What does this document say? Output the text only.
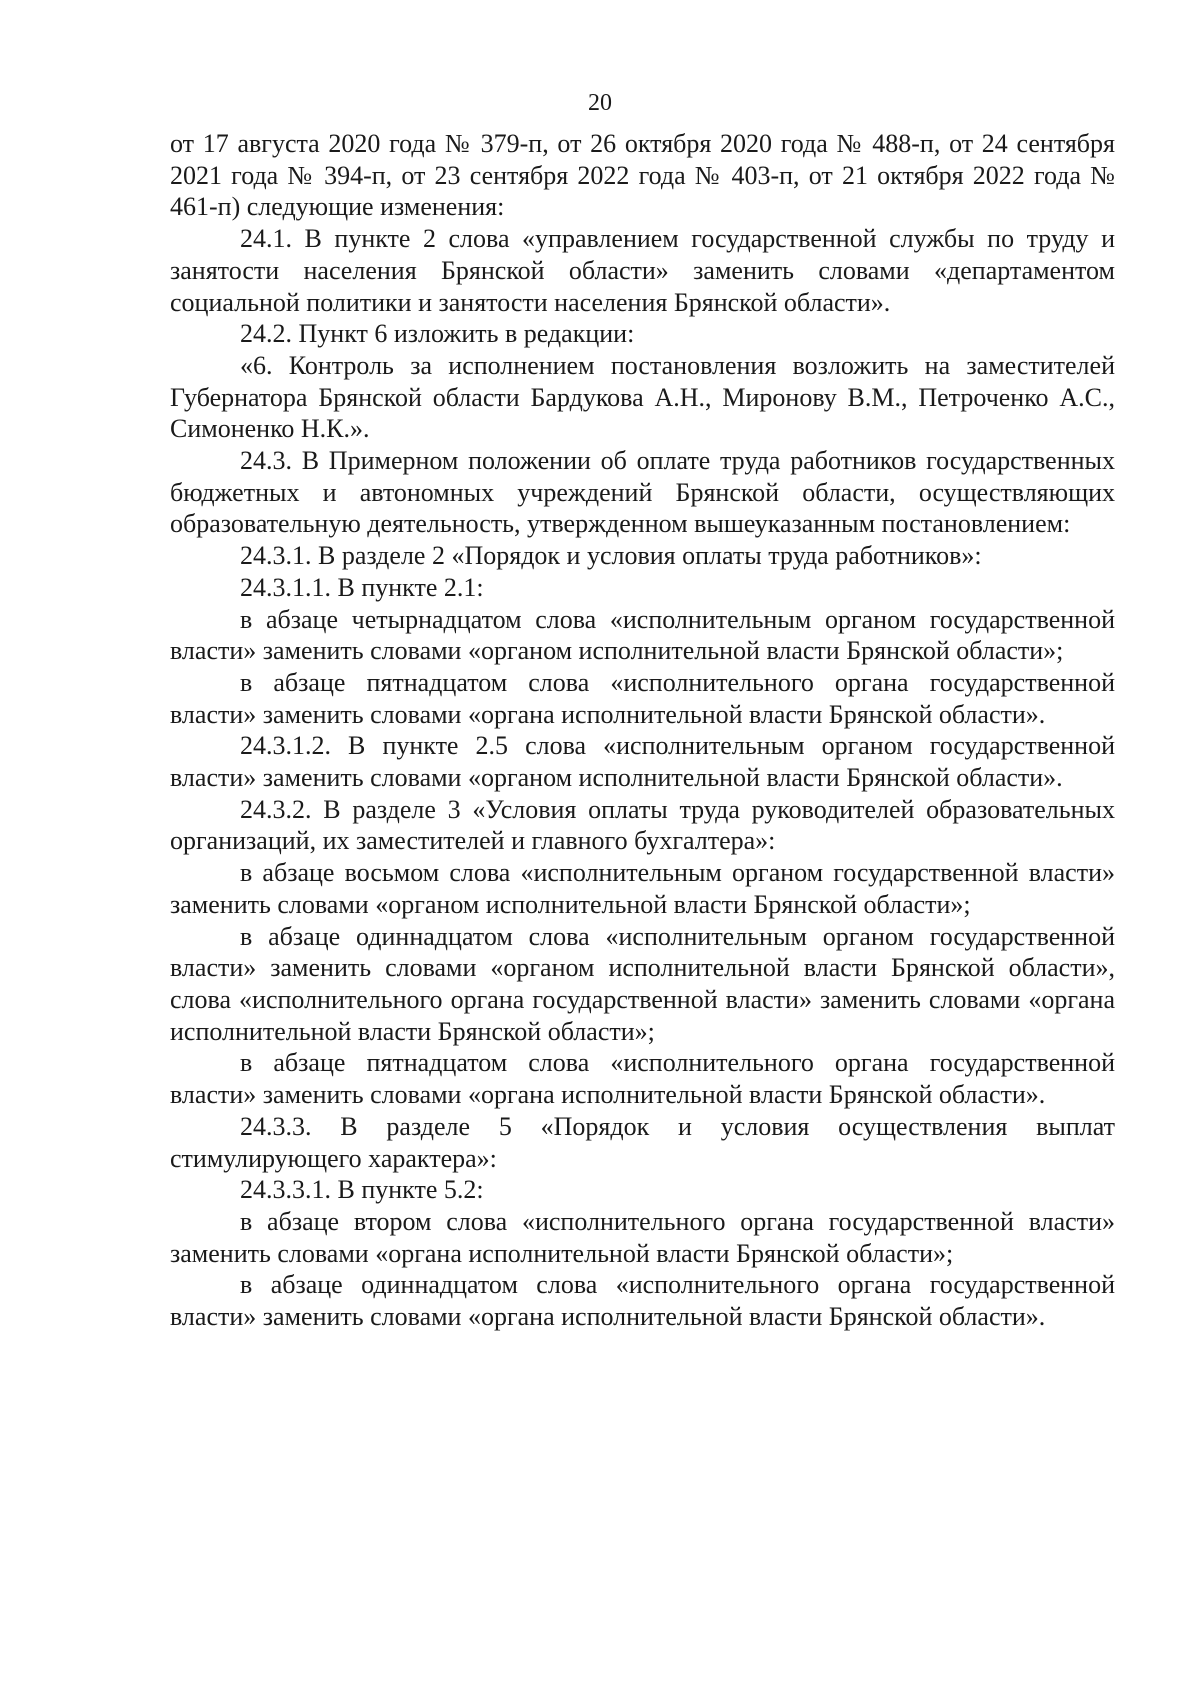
20

от 17 августа 2020 года № 379-п, от 26 октября 2020 года № 488-п, от 24 сентября 2021 года № 394-п, от 23 сентября 2022 года № 403-п, от 21 октября 2022 года № 461-п) следующие изменения:

24.1. В пункте 2 слова «управлением государственной службы по труду и занятости населения Брянской области» заменить словами «департаментом социальной политики и занятости населения Брянской области».

24.2. Пункт 6 изложить в редакции:

«6. Контроль за исполнением постановления возложить на заместителей Губернатора Брянской области Бардукова А.Н., Миронову В.М., Петроченко А.С., Симоненко Н.К.».

24.3. В Примерном положении об оплате труда работников государственных бюджетных и автономных учреждений Брянской области, осуществляющих образовательную деятельность, утвержденном вышеуказанным постановлением:

24.3.1. В разделе 2 «Порядок и условия оплаты труда работников»:

24.3.1.1. В пункте 2.1:

в абзаце четырнадцатом слова «исполнительным органом государственной власти» заменить словами «органом исполнительной власти Брянской области»;

в абзаце пятнадцатом слова «исполнительного органа государственной власти» заменить словами «органа исполнительной власти Брянской области».

24.3.1.2. В пункте 2.5 слова «исполнительным органом государственной власти» заменить словами «органом исполнительной власти Брянской области».

24.3.2. В разделе 3 «Условия оплаты труда руководителей образовательных организаций, их заместителей и главного бухгалтера»:

в абзаце восьмом слова «исполнительным органом государственной власти» заменить словами «органом исполнительной власти Брянской области»;

в абзаце одиннадцатом слова «исполнительным органом государственной власти» заменить словами «органом исполнительной власти Брянской области», слова «исполнительного органа государственной власти» заменить словами «органа исполнительной власти Брянской области»;

в абзаце пятнадцатом слова «исполнительного органа государственной власти» заменить словами «органа исполнительной власти Брянской области».

24.3.3. В разделе 5 «Порядок и условия осуществления выплат стимулирующего характера»:

24.3.3.1. В пункте 5.2:

в абзаце втором слова «исполнительного органа государственной власти» заменить словами «органа исполнительной власти Брянской области»;

в абзаце одиннадцатом слова «исполнительного органа государственной власти» заменить словами «органа исполнительной власти Брянской области».
